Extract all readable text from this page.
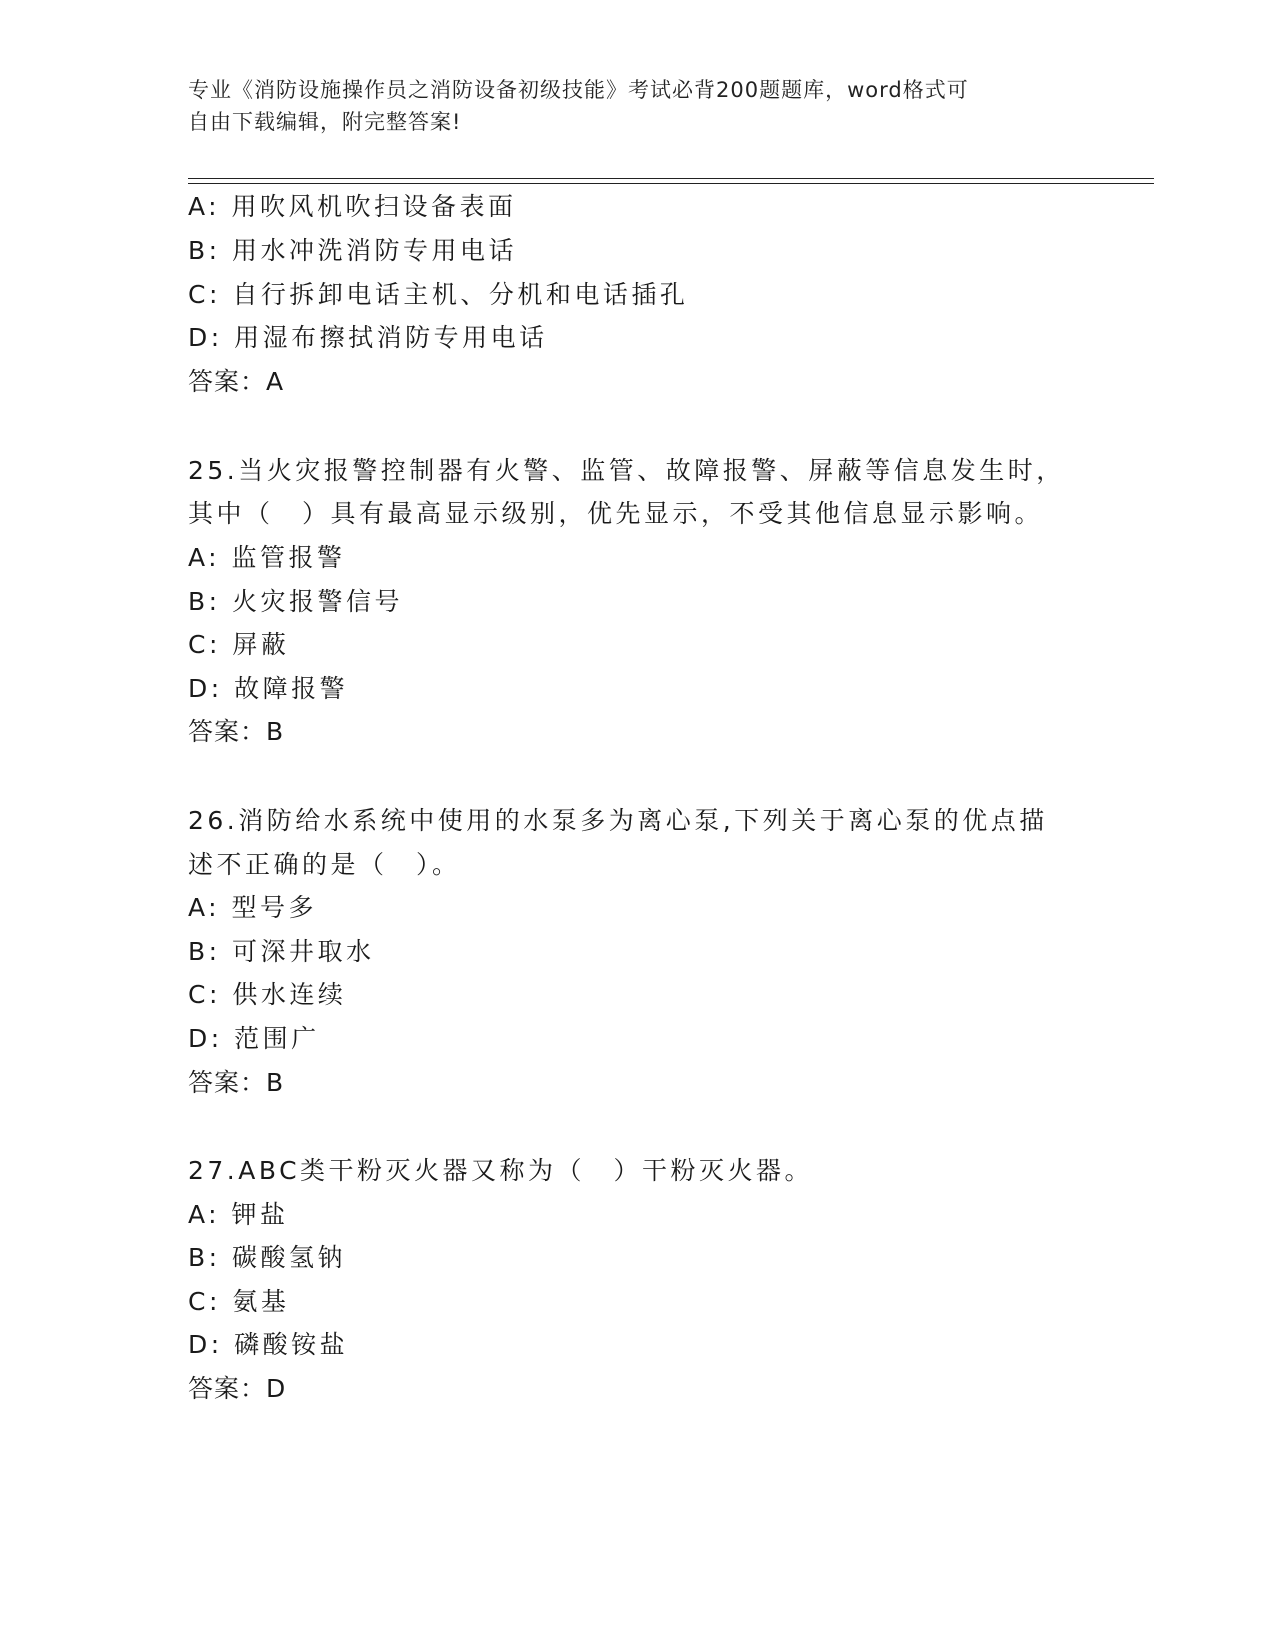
专业《消防设施操作员之消防设备初级技能》考试必背200题题库，word格式可
自由下载编辑，附完整答案!
A: 用吹风机吹扫设备表面
B: 用水冲洗消防专用电话
C: 自行拆卸电话主机、分机和电话插孔
D: 用湿布擦拭消防专用电话
答案：A
25.当火灾报警控制器有火警、监管、故障报警、屏蔽等信息发生时，
其中（　）具有最高显示级别，优先显示，不受其他信息显示影响。
A: 监管报警
B: 火灾报警信号
C: 屏蔽
D: 故障报警
答案：B
26.消防给水系统中使用的水泵多为离心泵,下列关于离心泵的优点描
述不正确的是（　）。
A: 型号多
B: 可深井取水
C: 供水连续
D: 范围广
答案：B
27.ABC类干粉灭火器又称为（　）干粉灭火器。
A: 钾盐
B: 碳酸氢钠
C: 氨基
D: 磷酸铵盐
答案：D
